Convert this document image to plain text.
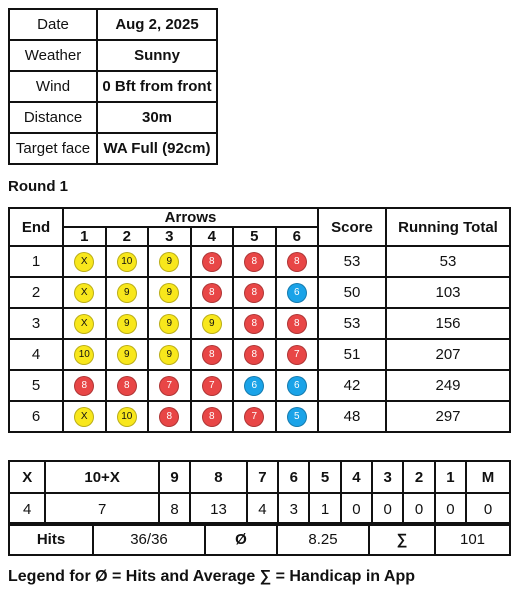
Date	Aug 2, 2025
Weather	Sunny
Wind	0 Bft from front
Distance	30m
Target face	WA Full (92cm)
Round 1
End	Arrows						Score	Running Total
	1	2	3	4	5	6		
1	X	10	9	8	8	8	53	53
2	X	9	9	8	8	6	50	103
3	X	9	9	9	8	8	53	156
4	10	9	9	8	8	7	51	207
5	8	8	7	7	6	6	42	249
6	X	10	8	8	7	5	48	297
X	10+X	9	8	7	6	5	4	3	2	1	M
4	7	8	13	4	3	1	0	0	0	0	0
Hits	36/36	Ø	8.25	∑	101
Legend for Ø = Hits and Average ∑ = Handicap in App
